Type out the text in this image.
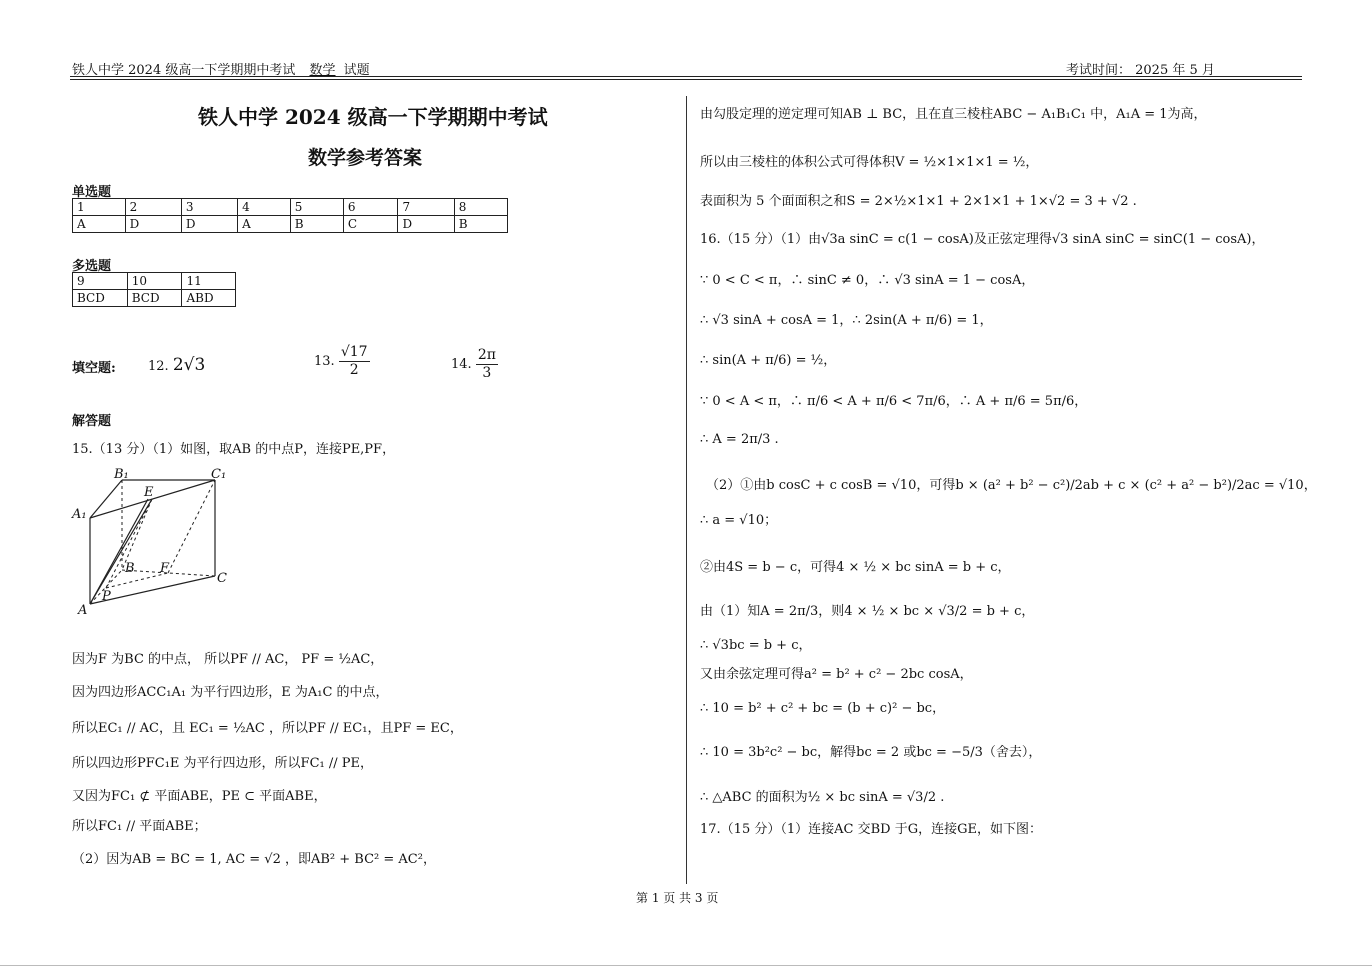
铁人中学 2024 级高一下学期期中考试 数学 试题	考试时间： 2025 年 5 月
铁人中学 2024 级高一下学期期中考试
数学参考答案
单选题
1	2	3	4	5	6	7	8
A	D	D	A	B	C	D	B
多选题
9	10	11
BCD	BCD	ABD
填空题: 12. 2√3	13. $\frac{√17}{2}$	14. $\frac{2\pi}{3}$
解答题
15.（13 分）（1）如图，取AB 的中点P，连接PE,PF，
B₁	C₁
E
A₁
B F
C
P
A
因为F 为BC 的中点， 所以PF // AC， PF = ½AC，
因为四边形ACC₁A₁ 为平行四边形，E 为A₁C 的中点，
所以EC₁ // AC，且 EC₁ = ½AC ，所以PF // EC₁，且PF = EC，
所以四边形PFC₁E 为平行四边形，所以FC₁ // PE，
又因为FC₁ ⊄ 平面ABE，PE ⊂ 平面ABE，
所以FC₁ // 平面ABE；
（2）因为AB = BC = 1, AC = √2 ，即AB² + BC² = AC²，
由勾股定理的逆定理可知AB ⊥ BC，且在直三棱柱ABC − A₁B₁C₁ 中，A₁A = 1为高，
所以由三棱柱的体积公式可得体积V = ½×1×1×1 = ½，
表面积为 5 个面面积之和S = 2×½×1×1 + 2×1×1 + 1×√2 = 3 + √2 .
16.（15 分）（1）由√3a sinC = c(1 − cosA)及正弦定理得√3 sinA sinC = sinC(1 − cosA)，
∵ 0 < C < π，∴ sinC ≠ 0，∴ √3 sinA = 1 − cosA，
∴ √3 sinA + cosA = 1，∴ 2sin(A + π/6) = 1，
∴ sin(A + π/6) = ½，
∵ 0 < A < π，∴ π/6 < A + π/6 < 7π/6，∴ A + π/6 = 5π/6，
∴ A = 2π/3 .
（2）①由b cosC + c cosB = √10，可得b × (a² + b² − c²)/2ab + c × (c² + a² − b²)/2ac = √10，
∴ a = √10；
②由4S = b − c，可得4 × ½ × bc sinA = b + c，
由（1）知A = 2π/3，则4 × ½ × bc × √3/2 = b + c，
∴ √3bc = b + c，
又由余弦定理可得a² = b² + c² − 2bc cosA，
∴ 10 = b² + c² + bc = (b + c)² − bc，
∴ 10 = 3b²c² − bc，解得bc = 2 或bc = −5/3（舍去），
∴ △ABC 的面积为½ × bc sinA = √3/2 .
17.（15 分）（1）连接AC 交BD 于G，连接GE，如下图：
第 1 页 共 3 页
